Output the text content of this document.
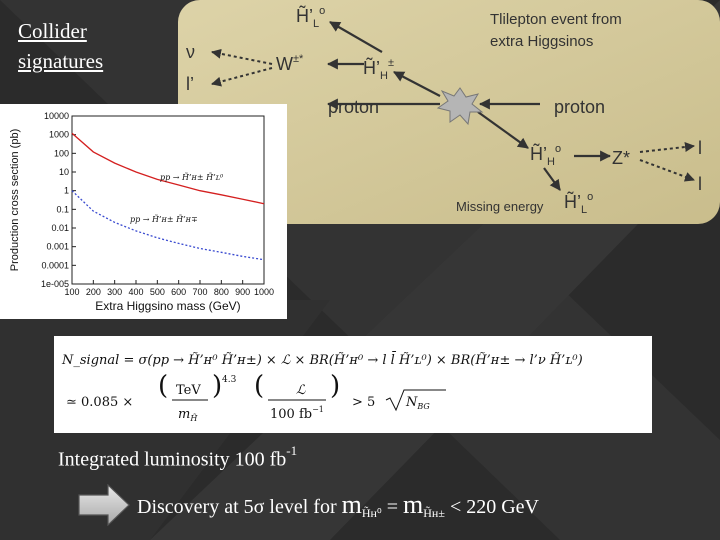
Collider
signatures
Tlilepton event from
extra Higgsinos
$H̃’_L^o$
$H̃’_H^\pm$
W±*
ν
l’
proton	proton
$H̃’_H^o$	Z*	l
l
$H̃’_L^o$
Missing energy
Production cross section (pb)
Extra Higgsino mass (GeV)
10000
1000
100
10
1
0.1
0.01
0.001
0.0001
1e-005
100 200 300 400 500 600 700 800 900 1000
pp → H̃’ʜ± H̃’ʟ⁰
pp → H̃’ʜ± H̃’ʜ∓
N_signal = σ(pp → H̃’ʜ⁰ H̃’ʜ±) × ℒ × BR(H̃’ʜ⁰ → l l̄ H̃’ʟ⁰) × BR(H̃’ʜ± → l’ν H̃’ʟ⁰)
≃ 0.085 ×
( TeV
$m_{H̃}$
) 4.3 ( ℒ
100 $fb^{-1}$
)
> 5 $N_{BG}$
Integrated luminosity 100 $fb^{-1}$
Discovery at 5σ level for $m_{H̃ʜ^0} = m_{H̃ʜ\pm} < 220$ GeV
